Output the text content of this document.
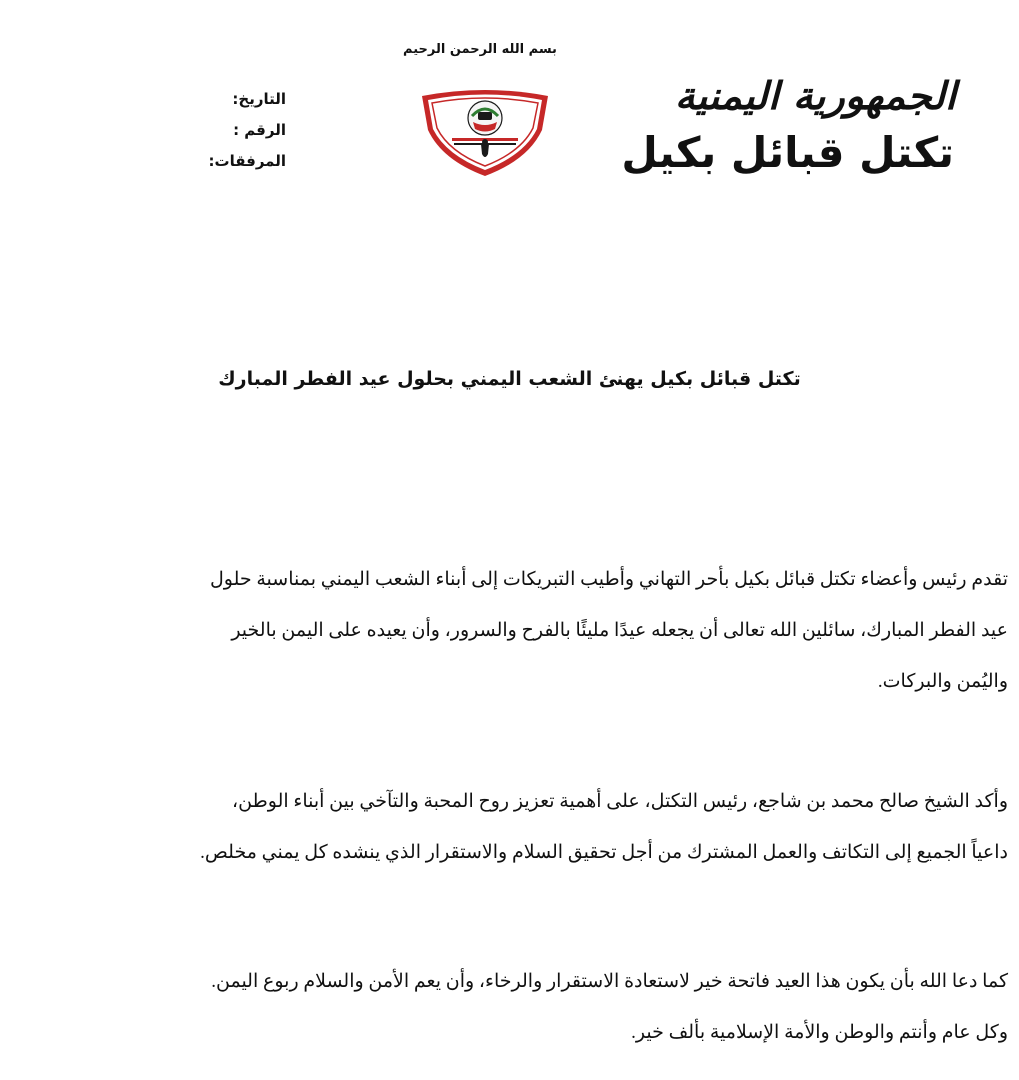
بسم الله الرحمن الرحيم
التاريخ:
الرقم :
المرفقات:
الجمهورية اليمنية
تكتل قبائل بكيل
تكتل قبائل بكيل يهنئ الشعب اليمني بحلول عيد الفطر المبارك
تقدم رئيس وأعضاء تكتل قبائل بكيل بأحر التهاني وأطيب التبريكات إلى أبناء الشعب اليمني بمناسبة حلول
عيد الفطر المبارك، سائلين الله تعالى أن يجعله عيدًا مليئًا بالفرح والسرور، وأن يعيده على اليمن بالخير
واليُمن والبركات.
وأكد الشيخ صالح محمد بن شاجع، رئيس التكتل، على أهمية تعزيز روح المحبة والتآخي بين أبناء الوطن،
داعياً الجميع إلى التكاتف والعمل المشترك من أجل تحقيق السلام والاستقرار الذي ينشده كل يمني مخلص.
كما دعا الله بأن يكون هذا العيد فاتحة خير لاستعادة الاستقرار والرخاء، وأن يعم الأمن والسلام ربوع اليمن.
وكل عام وأنتم والوطن والأمة الإسلامية بألف خير.
